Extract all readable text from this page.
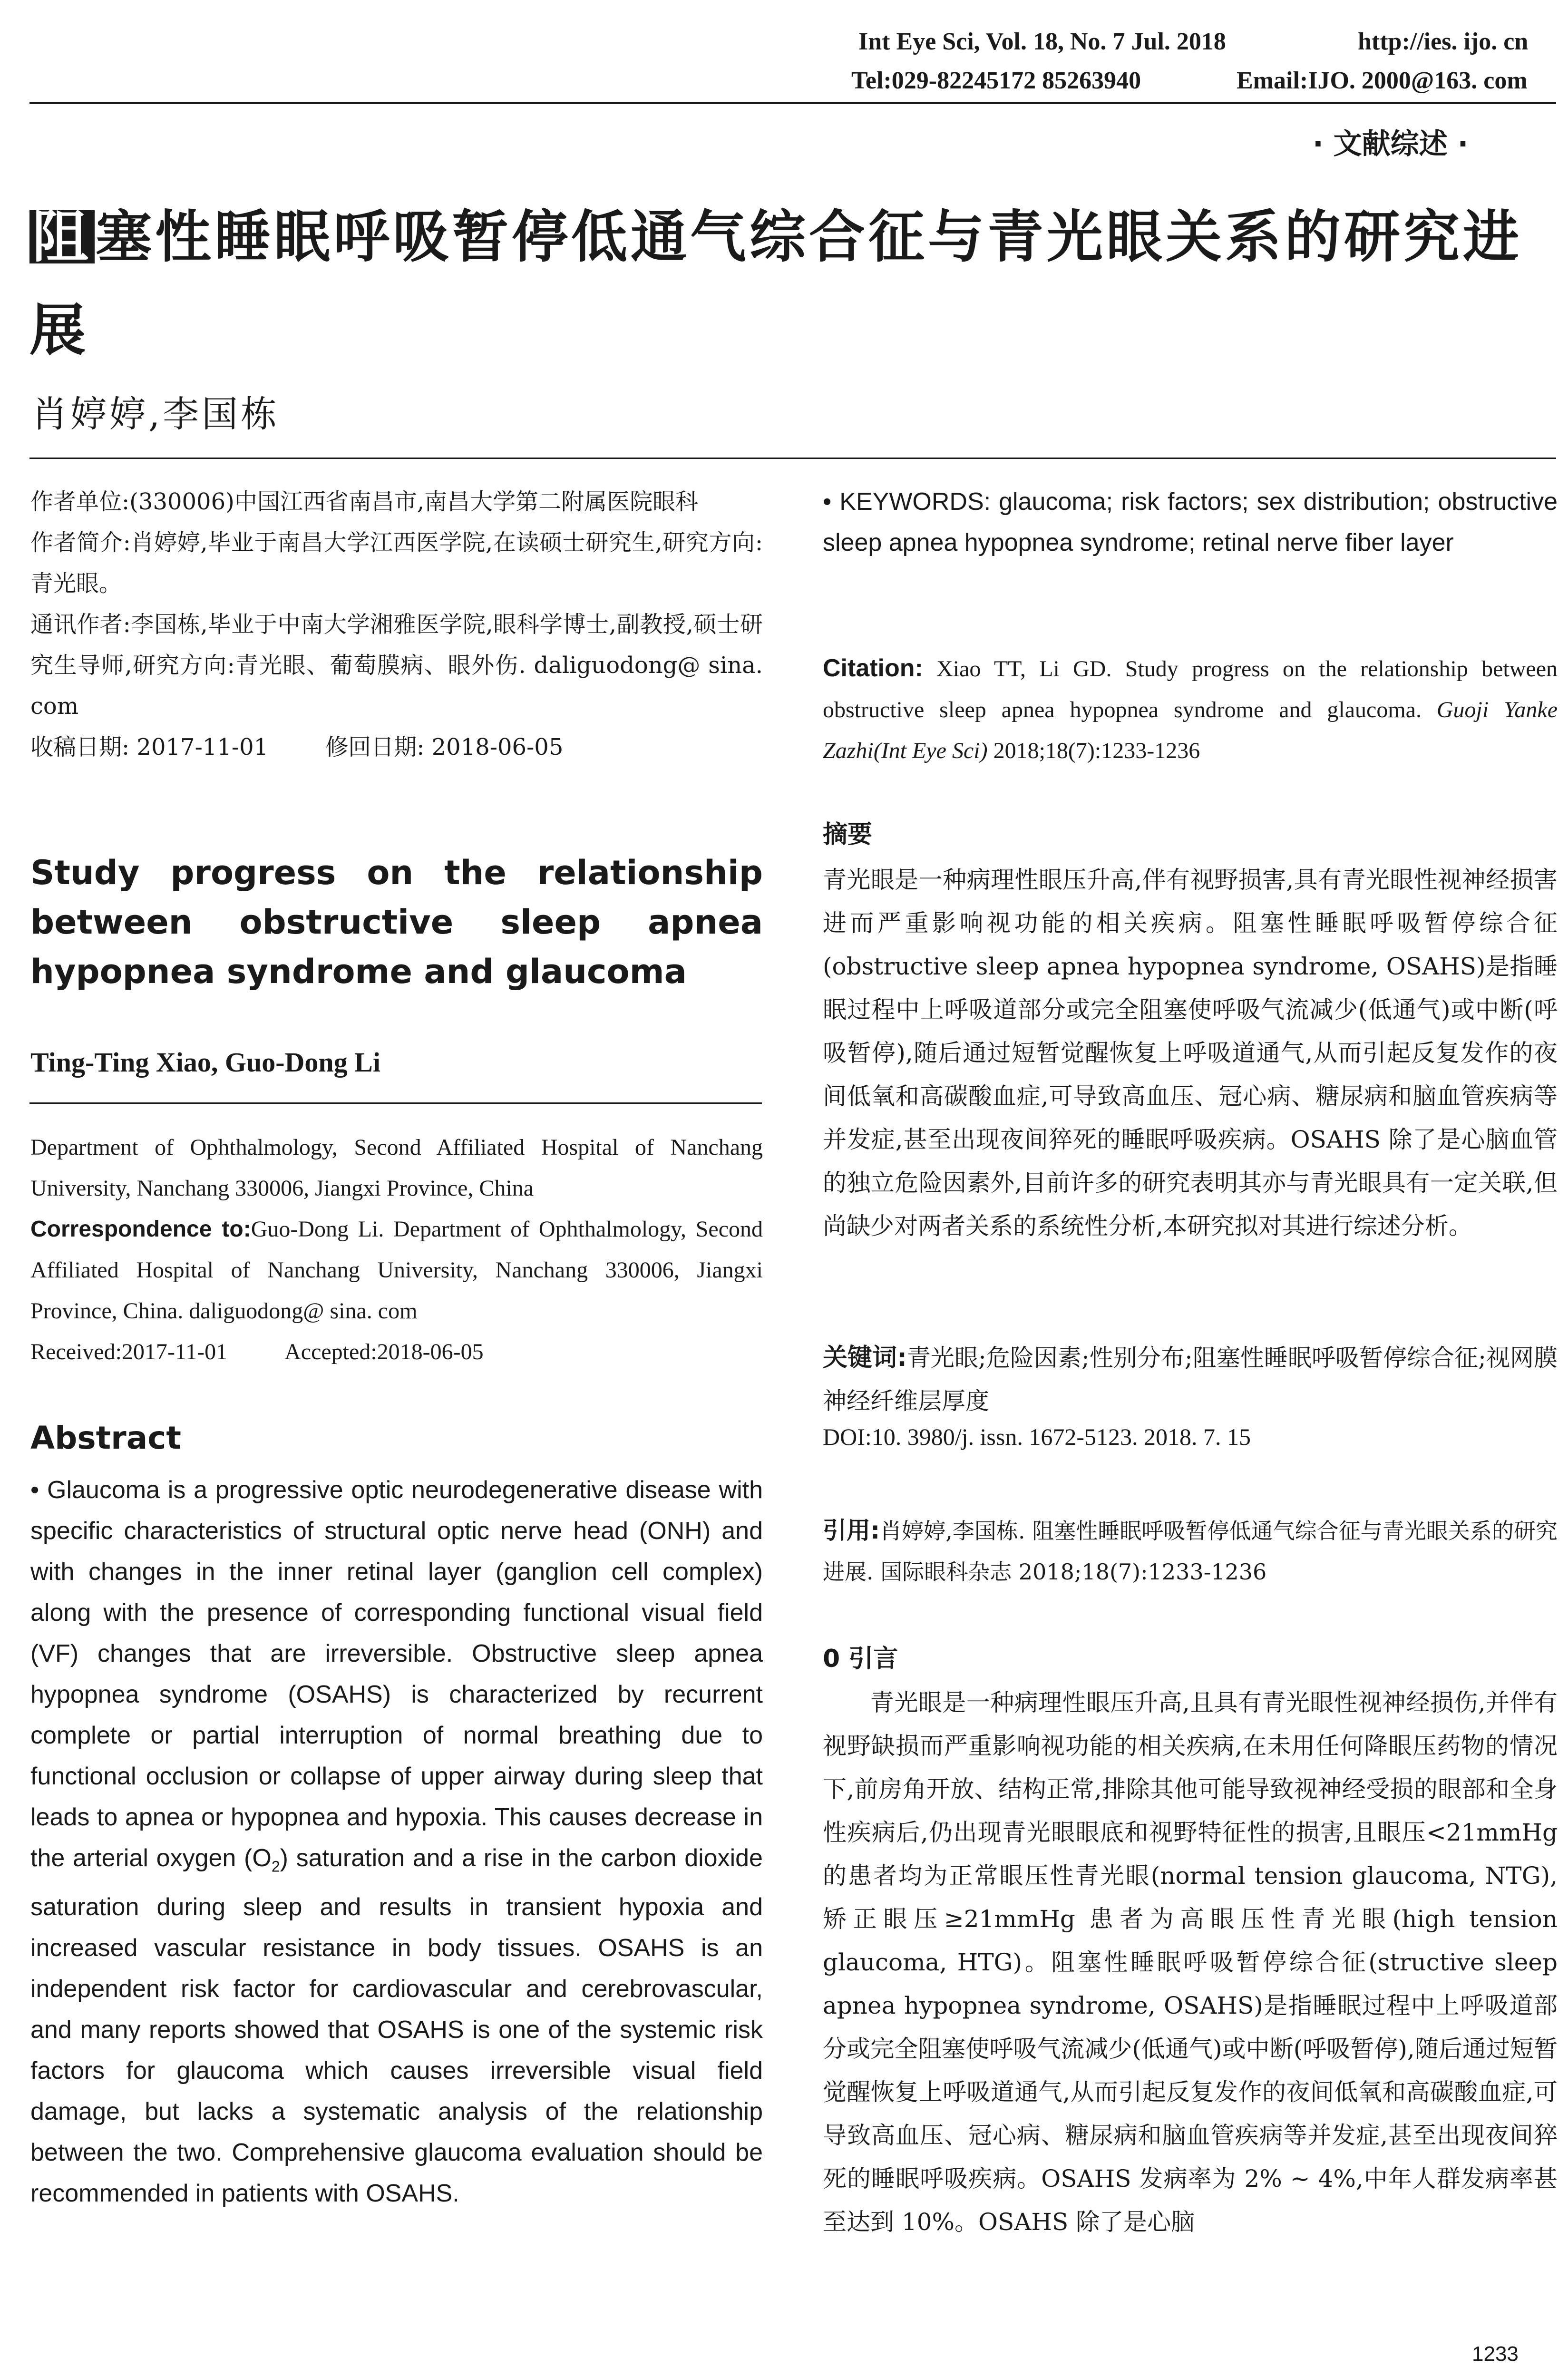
Int Eye Sci, Vol. 18, No. 7 Jul. 2018	http://ies. ijo. cn
Tel:029-82245172 85263940	Email:IJO. 2000@163. com
· 文献综述 ·
阻塞性睡眠呼吸暂停低通气综合征与青光眼关系的研究进展
肖婷婷,李国栋

作者单位:(330006)中国江西省南昌市,南昌大学第二附属医院眼科

作者简介:肖婷婷,毕业于南昌大学江西医学院,在读硕士研究生,研究方向:青光眼。

通讯作者:李国栋,毕业于中南大学湘雅医学院,眼科学博士,副教授,硕士研究生导师,研究方向:青光眼、葡萄膜病、眼外伤. daliguodong@ sina. com

收稿日期: 2017-11-01	修回日期: 2018-06-05

Study progress on the relationship between obstructive sleep apnea hypopnea syndrome and glaucoma
Ting-Ting Xiao, Guo-Dong Li

Department of Ophthalmology, Second Affiliated Hospital of Nanchang University, Nanchang 330006, Jiangxi Province, China

Correspondence to:Guo-Dong Li. Department of Ophthalmology, Second Affiliated Hospital of Nanchang University, Nanchang 330006, Jiangxi Province, China. daliguodong@ sina. com

Received:2017-11-01	Accepted:2018-06-05

Abstract
• Glaucoma is a progressive optic neurodegenerative disease with specific characteristics of structural optic nerve head (ONH) and with changes in the inner retinal layer (ganglion cell complex) along with the presence of corresponding functional visual field (VF) changes that are irreversible. Obstructive sleep apnea hypopnea syndrome (OSAHS) is characterized by recurrent complete or partial interruption of normal breathing due to functional occlusion or collapse of upper airway during sleep that leads to apnea or hypopnea and hypoxia. This causes decrease in the arterial oxygen $(O_2)$ saturation and a rise in the carbon dioxide saturation during sleep and results in transient hypoxia and increased vascular resistance in body tissues. OSAHS is an independent risk factor for cardiovascular and cerebrovascular, and many reports showed that OSAHS is one of the systemic risk factors for glaucoma which causes irreversible visual field damage, but lacks a systematic analysis of the relationship between the two. Comprehensive glaucoma evaluation should be recommended in patients with OSAHS.
• KEYWORDS: glaucoma; risk factors; sex distribution; obstructive sleep apnea hypopnea syndrome; retinal nerve fiber layer
Citation: Xiao TT, Li GD. Study progress on the relationship between obstructive sleep apnea hypopnea syndrome and glaucoma. Guoji Yanke Zazhi(Int Eye Sci) 2018;18(7):1233-1236
摘要
青光眼是一种病理性眼压升高,伴有视野损害,具有青光眼性视神经损害进而严重影响视功能的相关疾病。阻塞性睡眠呼吸暂停综合征(obstructive sleep apnea hypopnea syndrome, OSAHS)是指睡眠过程中上呼吸道部分或完全阻塞使呼吸气流减少(低通气)或中断(呼吸暂停),随后通过短暂觉醒恢复上呼吸道通气,从而引起反复发作的夜间低氧和高碳酸血症,可导致高血压、冠心病、糖尿病和脑血管疾病等并发症,甚至出现夜间猝死的睡眠呼吸疾病。OSAHS 除了是心脑血管的独立危险因素外,目前许多的研究表明其亦与青光眼具有一定关联,但尚缺少对两者关系的系统性分析,本研究拟对其进行综述分析。
关键词:青光眼;危险因素;性别分布;阻塞性睡眠呼吸暂停综合征;视网膜神经纤维层厚度
DOI:10. 3980/j. issn. 1672-5123. 2018. 7. 15
引用:肖婷婷,李国栋. 阻塞性睡眠呼吸暂停低通气综合征与青光眼关系的研究进展. 国际眼科杂志 2018;18(7):1233-1236
0 引言
青光眼是一种病理性眼压升高,且具有青光眼性视神经损伤,并伴有视野缺损而严重影响视功能的相关疾病,在未用任何降眼压药物的情况下,前房角开放、结构正常,排除其他可能导致视神经受损的眼部和全身性疾病后,仍出现青光眼眼底和视野特征性的损害,且眼压<21mmHg 的患者均为正常眼压性青光眼(normal tension glaucoma, NTG),矫正眼压≥21mmHg 患者为高眼压性青光眼(high tension glaucoma, HTG)。阻塞性睡眠呼吸暂停综合征(structive sleep apnea hypopnea syndrome, OSAHS)是指睡眠过程中上呼吸道部分或完全阻塞使呼吸气流减少(低通气)或中断(呼吸暂停),随后通过短暂觉醒恢复上呼吸道通气,从而引起反复发作的夜间低氧和高碳酸血症,可导致高血压、冠心病、糖尿病和脑血管疾病等并发症,甚至出现夜间猝死的睡眠呼吸疾病。OSAHS 发病率为 2% ~ 4%,中年人群发病率甚至达到 10%。OSAHS 除了是心脑
1233
